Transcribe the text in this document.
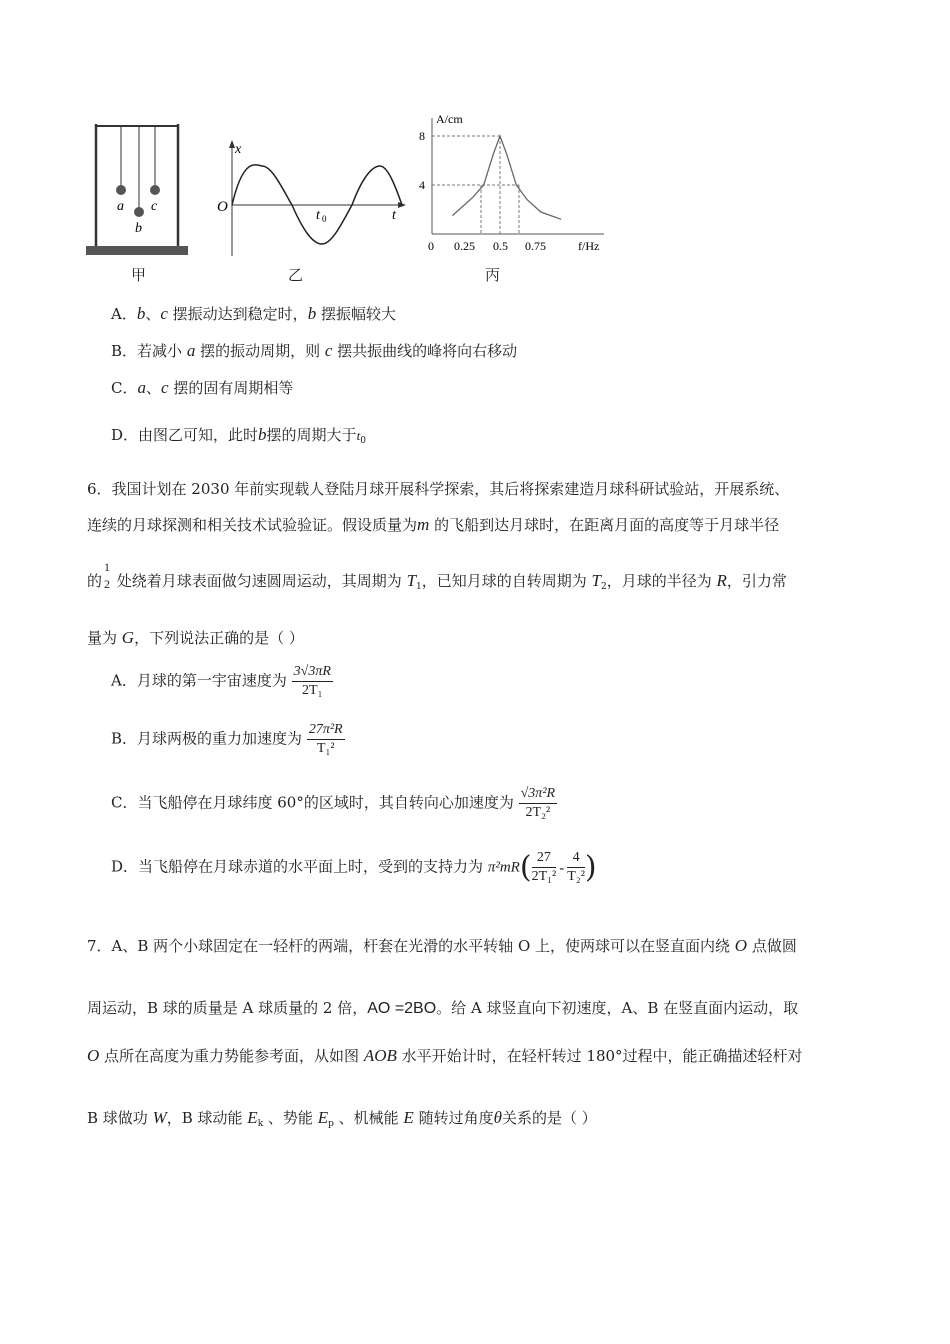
a
b
c
甲
x
O
t 0	t
乙
A/cm
8
4
0 0.25 0.5 0.75	f/Hz
丙
A．b、c 摆振动达到稳定时，b 摆振幅较大
B．若减小 a 摆的振动周期，则 c 摆共振曲线的峰将向右移动
C．a、c 摆的固有周期相等
D．由图乙可知，此时b摆的周期大于$t_0$
6．我国计划在 2030 年前实现载人登陆月球开展科学探索，其后将探索建造月球科研试验站，开展系统、
连续的月球探测和相关技术试验验证。假设质量为m 的飞船到达月球时，在距离月面的高度等于月球半径
的
1
2 处绕着月球表面做匀速圆周运动，其周期为 $T_1$，已知月球的自转周期为 $T_2$，月球的半径为 R，引力常
量为 G，下列说法正确的是（ ）
A．月球的第一宇宙速度为 $\frac{3√3\pi R}{\text{2T₁}}$
B．月球两极的重力加速度为 $\frac{\text{27π²R}}{\text{T₁²}}$
C．当飞船停在月球纬度 60°的区域时，其自转向心加速度为 $\frac{\text{√3π²R}}{\text{2T₂²}}$
D．当飞船停在月球赤道的水平面上时，受到的支持力为 $\pi^2mR( \frac{27}{\text{2T₁²}} - \frac{4}{\text{T₂²}}$ )
7．A、B 两个小球固定在一轻杆的两端，杆套在光滑的水平转轴 O 上，使两球可以在竖直面内绕 O 点做圆
周运动，B 球的质量是 A 球质量的 2 倍，AO =2BO。给 A 球竖直向下初速度，A、B 在竖直面内运动，取
O 点所在高度为重力势能参考面，从如图 AOB 水平开始计时，在轻杆转过 180°过程中，能正确描述轻杆对
B 球做功 W，B 球动能 $E_k$ 、势能 $E_p$ 、机械能 E 随转过角度θ关系的是（ ）
